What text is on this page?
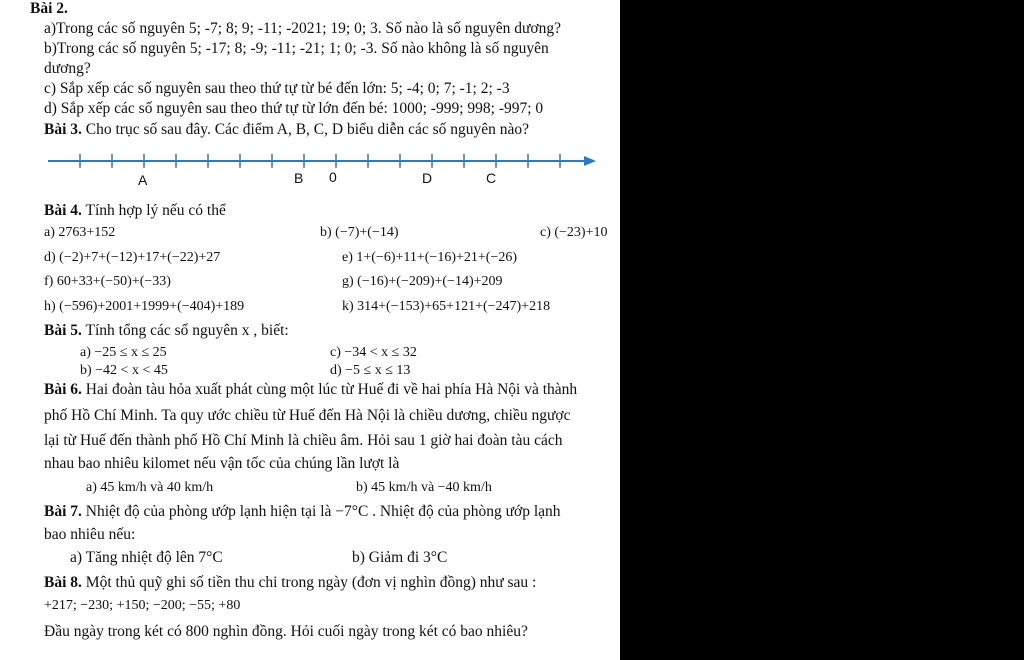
Bài 2.
a)Trong các số nguyên 5; -7; 8; 9; -11; -2021; 19; 0; 3. Số nào là số nguyên dương?
b)Trong các số nguyên 5; -17; 8; -9; -11; -21; 1; 0; -3. Số nào không là số nguyên
dương?
c) Sắp xếp các số nguyên sau theo thứ tự từ bé đến lớn: 5; -4; 0; 7; -1; 2; -3
d) Sắp xếp các số nguyên sau theo thứ tự từ lớn đến bé: 1000; -999; 998; -997; 0
Bài 3. Cho trục số sau đây. Các điểm A, B, C, D biểu diễn các số nguyên nào?
A	B 0	D	C
Bài 4. Tính hợp lý nếu có thể
a) 2763+152	b) (−7)+(−14)	c) (−23)+10
d) (−2)+7+(−12)+17+(−22)+27	e) 1+(−6)+11+(−16)+21+(−26)
f) 60+33+(−50)+(−33)	g) (−16)+(−209)+(−14)+209
h) (−596)+2001+1999+(−404)+189	k) 314+(−153)+65+121+(−247)+218
Bài 5. Tính tổng các số nguyên x , biết:
a) −25 ≤ x ≤ 25	c) −34 < x ≤ 32
b) −42 < x < 45	d) −5 ≤ x ≤ 13
Bài 6. Hai đoàn tàu hỏa xuất phát cùng một lúc từ Huế đi về hai phía Hà Nội và thành
phố Hồ Chí Minh. Ta quy ước chiều từ Huế đến Hà Nội là chiều dương, chiều ngược
lại từ Huế đến thành phố Hồ Chí Minh là chiều âm. Hỏi sau 1 giờ hai đoàn tàu cách
nhau bao nhiêu kilomet nếu vận tốc của chúng lần lượt là
a) 45 km/h và 40 km/h	b) 45 km/h và −40 km/h
Bài 7. Nhiệt độ của phòng ướp lạnh hiện tại là −7°C . Nhiệt độ của phòng ướp lạnh
bao nhiêu nếu:
a) Tăng nhiệt độ lên 7°C	b) Giảm đi 3°C
Bài 8. Một thủ quỹ ghi số tiền thu chi trong ngày (đơn vị nghìn đồng) như sau :
+217; −230; +150; −200; −55; +80
Đầu ngày trong két có 800 nghìn đồng. Hỏi cuối ngày trong két có bao nhiêu?
